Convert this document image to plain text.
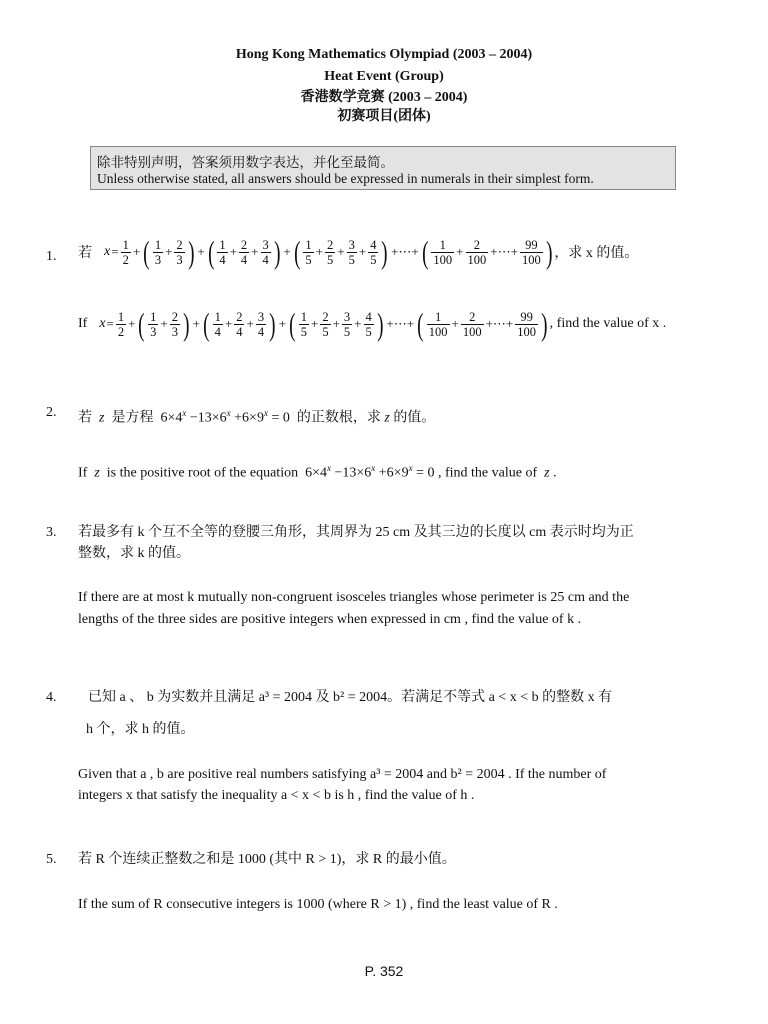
Hong Kong Mathematics Olympiad (2003 – 2004)
Heat Event (Group)
香港数学竞赛 (2003 – 2004)
初赛项目(团体)
除非特别声明，答案须用数字表达，并化至最简。
Unless otherwise stated, all answers should be expressed in numerals in their simplest form.
1. 若 $x = \frac{1}{2}$ + ( $\frac{1}{3} + \frac{2}{3}$ ) + ( $\frac{1}{4} + \frac{2}{4} + \frac{3}{4}$ ) + ( $\frac{1}{5} + \frac{2}{5} + \frac{3}{5} + \frac{4}{5}$ ) +⋯+ ( $\frac{1}{100} + \frac{2}{100}$ +⋯+ $\frac{99}{100}$ ) ，求 x 的值。
If $x = \frac{1}{2}$ + ( $\frac{1}{3} + \frac{2}{3}$ ) + ( $\frac{1}{4} + \frac{2}{4} + \frac{3}{4}$ ) + ( $\frac{1}{5} + \frac{2}{5} + \frac{3}{5} + \frac{4}{5}$ ) +⋯+ ( $\frac{1}{100} + \frac{2}{100}$ +⋯+ $\frac{99}{100}$ ) , find the value of x .
2. 若 z 是方程  $6\times 4^x -13\times 6^x +6\times 9^x = 0$  的正数根，求 z 的值。
If z is the positive root of the equation  $6\times 4^x -13\times 6^x +6\times 9^x = 0$ , find the value of z .
3. 若最多有 k 个互不全等的登腰三角形，其周界为 25 cm 及其三边的长度以 cm 表示时均为正
整数，求 k 的值。
If there are at most k mutually non-congruent isosceles triangles whose perimeter is 25 cm and the
lengths of the three sides are positive integers when expressed in cm , find the value of k .
4. 已知 a 、 b 为实数并且满足 a³ = 2004 及 b² = 2004。若满足不等式 a < x < b 的整数 x 有
h 个，求 h 的值。
Given that a , b are positive real numbers satisfying a³ = 2004 and b² = 2004 . If the number of
integers x that satisfy the inequality a < x < b is h , find the value of h .
5. 若 R 个连续正整数之和是 1000 (其中 R > 1)，求 R 的最小值。
If the sum of R consecutive integers is 1000 (where R > 1) , find the least value of R .
P. 352
